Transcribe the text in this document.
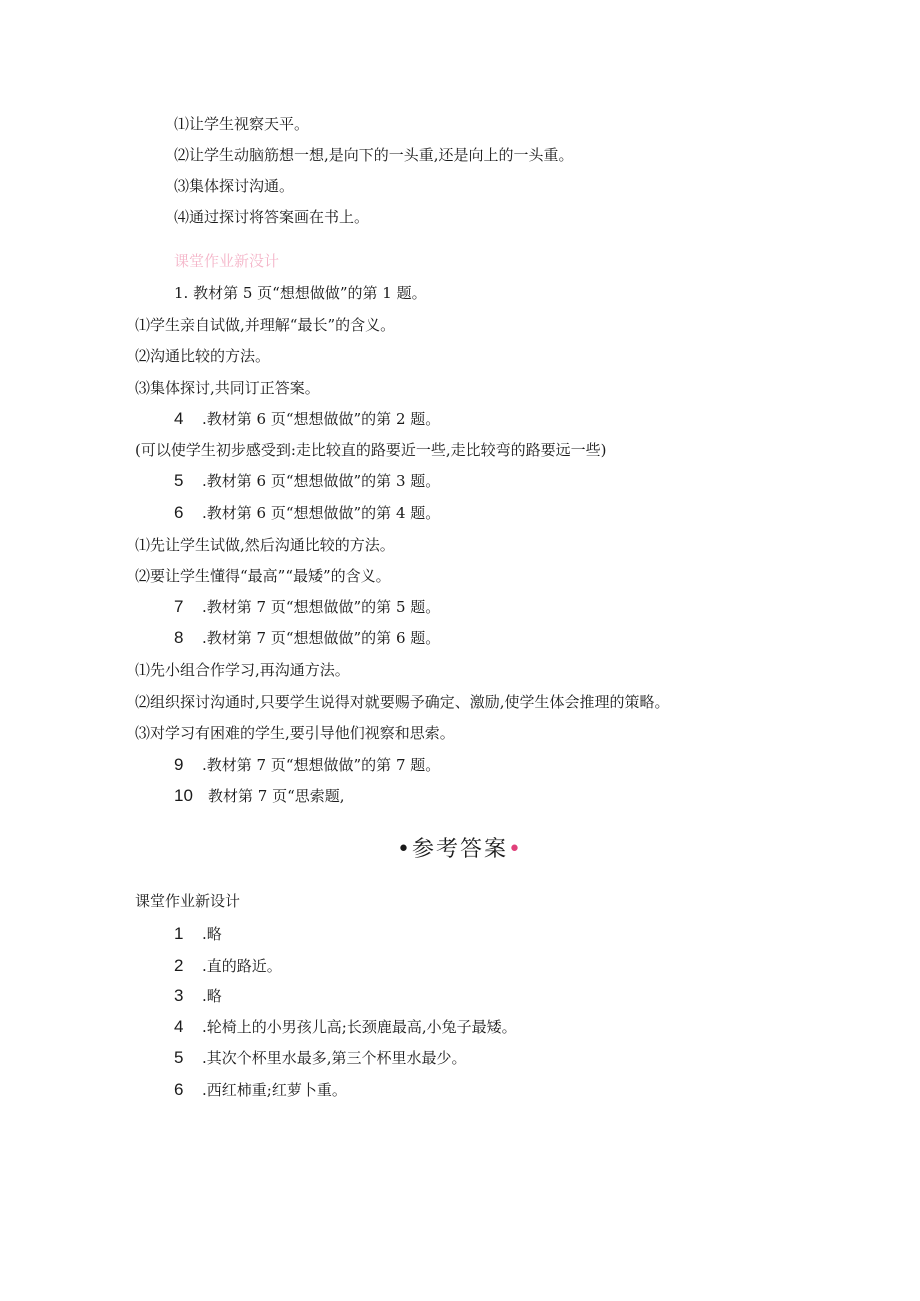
⑴让学生视察天平。
⑵让学生动脑筋想一想,是向下的一头重,还是向上的一头重。
⑶集体探讨沟通。
⑷通过探讨将答案画在书上。
课堂作业新没计
1. 教材第 5 页“想想做做”的第 1 题。
⑴学生亲自试做,并理解“最长”的含义。
⑵沟通比较的方法。
⑶集体探讨,共同订正答案。
4 .教材第 6 页“想想做做”的第 2 题。
(可以使学生初步感受到:走比较直的路要近一些,走比较弯的路要远一些)
5 .教材第 6 页“想想做做”的第 3 题。
6 .教材第 6 页“想想做做”的第 4 题。
⑴先让学生试做,然后沟通比较的方法。
⑵要让学生懂得“最高”“最矮”的含义。
7 .教材第 7 页“想想做做”的第 5 题。
8 .教材第 7 页“想想做做”的第 6 题。
⑴先小组合作学习,再沟通方法。
⑵组织探讨沟通时,只要学生说得对就要赐予确定、激励,使学生体会推理的策略。
⑶对学习有困难的学生,要引导他们视察和思索。
9 .教材第 7 页“想想做做”的第 7 题。
10 教材第 7 页“思索题,
•参考答案•
课堂作业新设计
1 .略
2 .直的路近。
3 .略
4 .轮椅上的小男孩儿高;长颈鹿最高,小兔子最矮。
5 .其次个杯里水最多,第三个杯里水最少。
6 .西红柿重;红萝卜重。
